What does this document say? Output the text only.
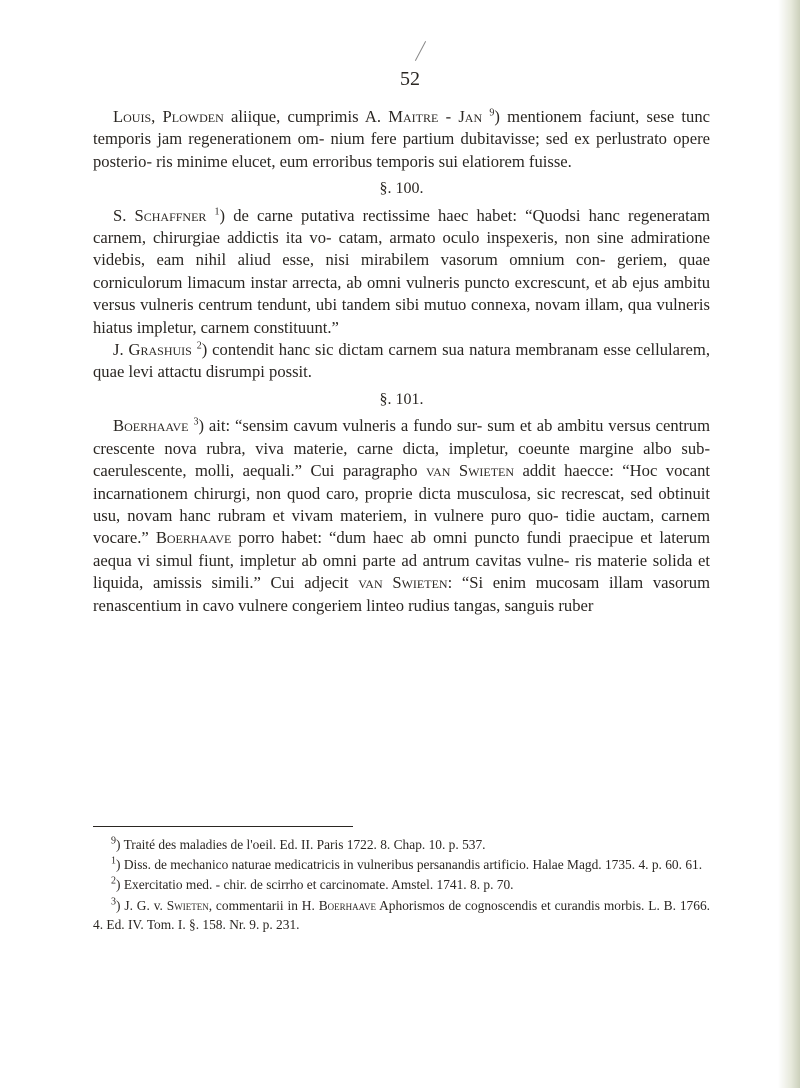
52

Louis, Plowden aliique, cumprimis A. Maitre - Jan $^9$) mentionem faciunt, sese tunc temporis jam regenerationem om- nium fere partium dubitavisse; sed ex perlustrato opere posterio- ris minime elucet, eum erroribus temporis sui elatiorem fuisse.

§. 100.

S. Schaffner $^1$) de carne putativa rectissime haec habet: “Quodsi hanc regeneratam carnem, chirurgiae addictis ita vo- catam, armato oculo inspexeris, non sine admiratione videbis, eam nihil aliud esse, nisi mirabilem vasorum omnium con- geriem, quae corniculorum limacum instar arrecta, ab omni vulneris puncto excrescunt, et ab ejus ambitu versus vulneris centrum tendunt, ubi tandem sibi mutuo connexa, novam illam, qua vulneris hiatus impletur, carnem constituunt.”

J. Grashuis $^2$) contendit hanc sic dictam carnem sua natura membranam esse cellularem, quae levi attactu disrumpi possit.

§. 101.

Boerhaave $^3$) ait: “sensim cavum vulneris a fundo sur- sum et ab ambitu versus centrum crescente nova rubra, viva materie, carne dicta, impletur, coeunte margine albo sub- caerulescente, molli, aequali.” Cui paragrapho van Swieten addit haecce: “Hoc vocant incarnationem chirurgi, non quod caro, proprie dicta musculosa, sic recrescat, sed obtinuit usu, novam hanc rubram et vivam materiem, in vulnere puro quo- tidie auctam, carnem vocare.” Boerhaave porro habet: “dum haec ab omni puncto fundi praecipue et laterum aequa vi simul fiunt, impletur ab omni parte ad antrum cavitas vulne- ris materie solida et liquida, amissis simili.” Cui adjecit van Swieten: “Si enim mucosam illam vasorum renascentium in cavo vulnere congeriem linteo rudius tangas, sanguis ruber

$^9$) Traité des maladies de l'oeil. Ed. II. Paris 1722. 8. Chap. 10. p. 537.

$^1$) Diss. de mechanico naturae medicatricis in vulneribus persanandis artificio. Halae Magd. 1735. 4. p. 60. 61.

$^2$) Exercitatio med. - chir. de scirrho et carcinomate. Amstel. 1741. 8. p. 70.

$^3$) J. G. v. Swieten, commentarii in H. Boerhaave Aphorismos de cognoscendis et curandis morbis. L. B. 1766. 4. Ed. IV. Tom. I. §. 158. Nr. 9. p. 231.
